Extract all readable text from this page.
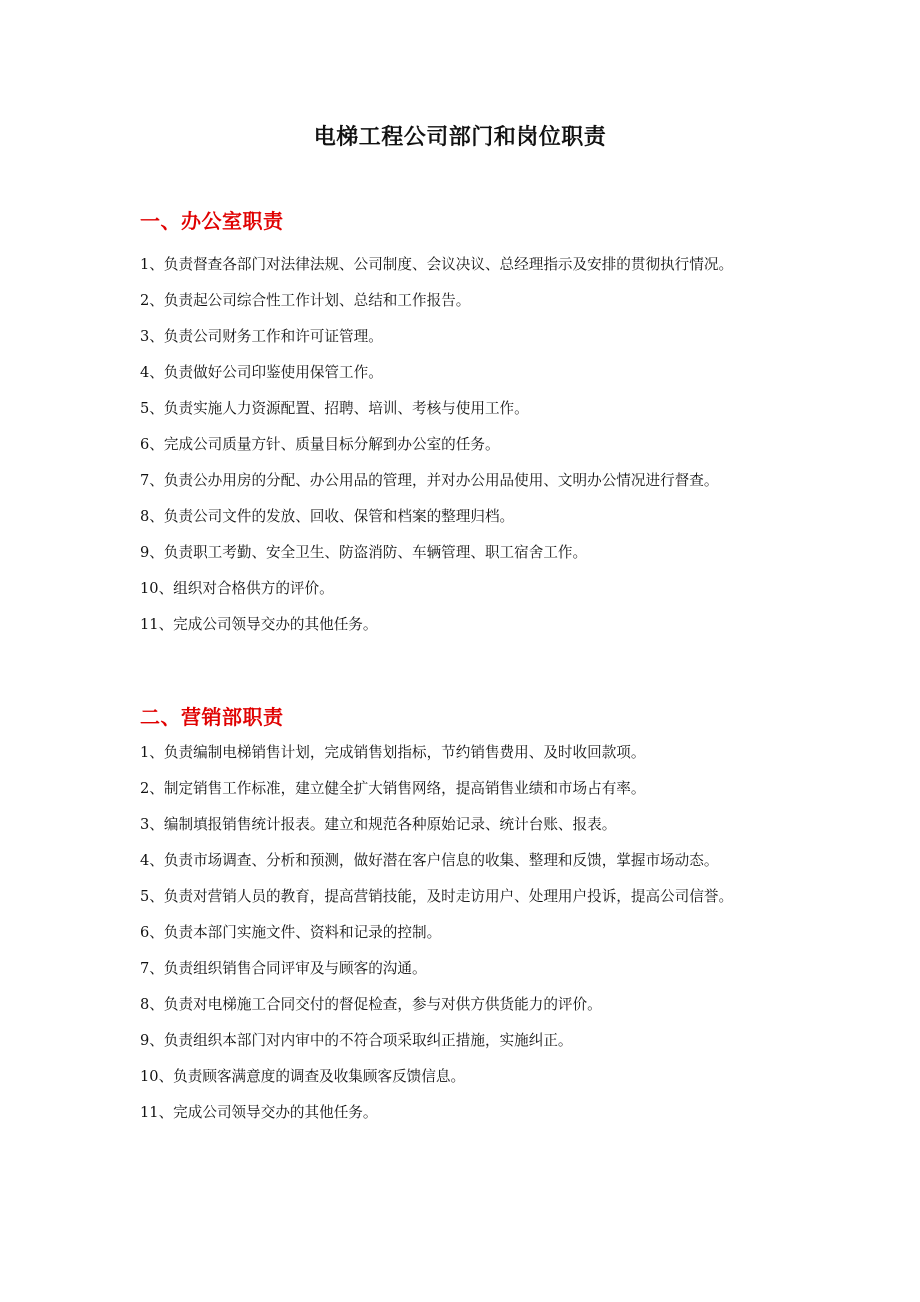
电梯工程公司部门和岗位职责
一、办公室职责
1、负责督查各部门对法律法规、公司制度、会议决议、总经理指示及安排的贯彻执行情况。
2、负责起公司综合性工作计划、总结和工作报告。
3、负责公司财务工作和许可证管理。
4、负责做好公司印鉴使用保管工作。
5、负责实施人力资源配置、招聘、培训、考核与使用工作。
6、完成公司质量方针、质量目标分解到办公室的任务。
7、负责公办用房的分配、办公用品的管理，并对办公用品使用、文明办公情况进行督查。
8、负责公司文件的发放、回收、保管和档案的整理归档。
9、负责职工考勤、安全卫生、防盗消防、车辆管理、职工宿舍工作。
10、组织对合格供方的评价。
11、完成公司领导交办的其他任务。
二、营销部职责
1、负责编制电梯销售计划，完成销售划指标，节约销售费用、及时收回款项。
2、制定销售工作标准，建立健全扩大销售网络，提高销售业绩和市场占有率。
3、编制填报销售统计报表。建立和规范各种原始记录、统计台账、报表。
4、负责市场调查、分析和预测，做好潜在客户信息的收集、整理和反馈，掌握市场动态。
5、负责对营销人员的教育，提高营销技能，及时走访用户、处理用户投诉，提高公司信誉。
6、负责本部门实施文件、资料和记录的控制。
7、负责组织销售合同评审及与顾客的沟通。
8、负责对电梯施工合同交付的督促检查，参与对供方供货能力的评价。
9、负责组织本部门对内审中的不符合项采取纠正措施，实施纠正。
10、负责顾客满意度的调查及收集顾客反馈信息。
11、完成公司领导交办的其他任务。
